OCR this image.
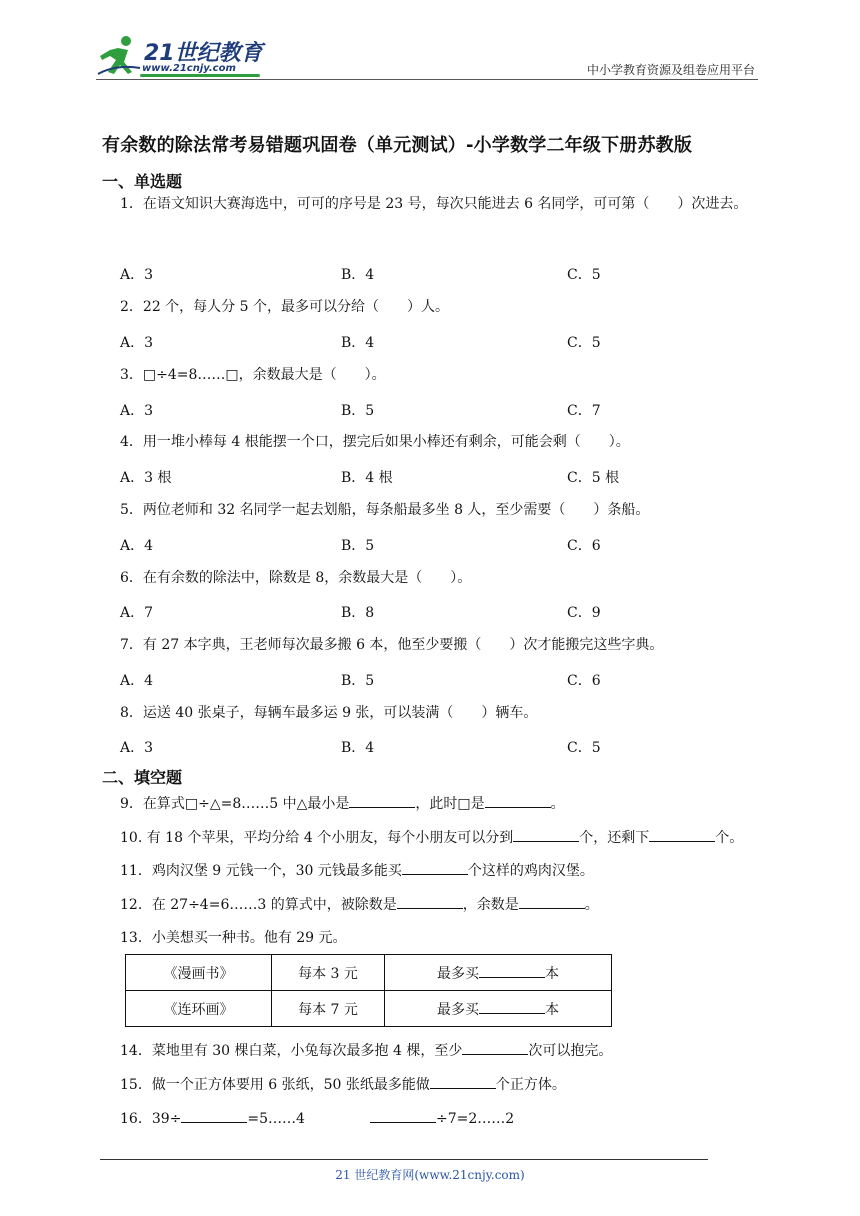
21世纪教育
www.21cnjy.com	中小学教育资源及组卷应用平台
有余数的除法常考易错题巩固卷（单元测试）-小学数学二年级下册苏教版
一、单选题
1．在语文知识大赛海选中，可可的序号是 23 号，每次只能进去 6 名同学，可可第（　　）次进去。
A．3	B．4	C．5
2．22 个，每人分 5 个，最多可以分给（　　）人。
A．3	B．4	C．5
3．□÷4=8……□，余数最大是（　　）。
A．3	B．5	C．7
4．用一堆小棒每 4 根能摆一个口，摆完后如果小棒还有剩余，可能会剩（　　）。
A．3 根	B．4 根	C．5 根
5．两位老师和 32 名同学一起去划船，每条船最多坐 8 人，至少需要（　　）条船。
A．4	B．5	C．6
6．在有余数的除法中，除数是 8，余数最大是（　　）。
A．7	B．8	C．9
7．有 27 本字典，王老师每次最多搬 6 本，他至少要搬（　　）次才能搬完这些字典。
A．4	B．5	C．6
8．运送 40 张桌子，每辆车最多运 9 张，可以装满（　　）辆车。
A．3	B．4	C．5
二、填空题
9．在算式□÷△=8……5 中△最小是	，此时□是	。
10. 有 18 个苹果，平均分给 4 个小朋友，每个小朋友可以分到	个，还剩下	个。
11．鸡肉汉堡 9 元钱一个，30 元钱最多能买	个这样的鸡肉汉堡。
12．在 27÷4=6……3 的算式中，被除数是	，余数是	。
13．小美想买一种书。他有 29 元。
《漫画书》	每本 3 元	最多买 本
《连环画》	每本 7 元	最多买 本
14．菜地里有 30 棵白菜，小兔每次最多抱 4 棵，至少	次可以抱完。
15．做一个正方体要用 6 张纸，50 张纸最多能做	个正方体。
16．39÷	=5……4	÷7=2……2
21 世纪教育网(www.21cnjy.com)
